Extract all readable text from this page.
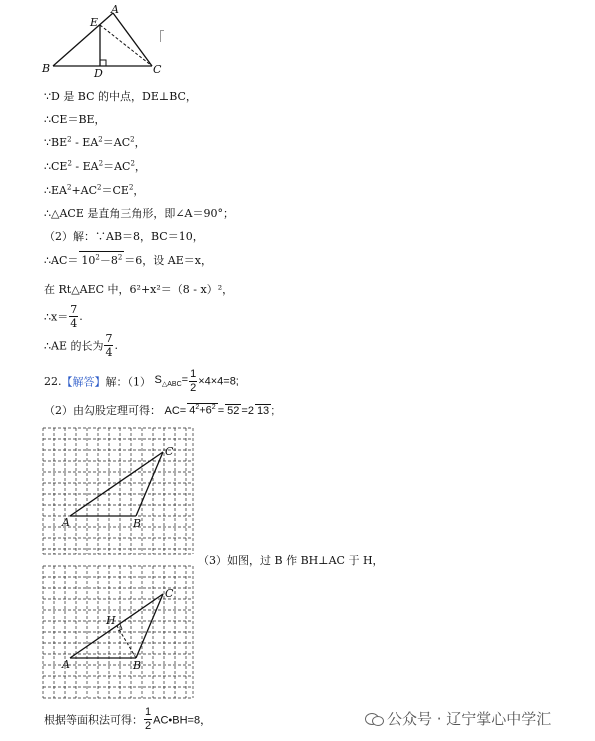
A
B	C
D
E
∵D 是 BC 的中点，DE⊥BC，
∴CE＝BE，
$\because BE^2 - EA^2=AC^2$，
$\therefore CE^2 - EA^2=AC^2$，
$\therefore EA^2+AC^2=CE^2$，
∴△ACE 是直角三角形，即∠A＝90°；
（2）解：∵AB＝8，BC＝10，
∴AC＝ $10^2-8^2 =6$，设 AE＝x，
在 Rt△AEC 中，6²+x²＝（8 - x）²，
∴x＝ $\frac{7}{4}$ .
∴AE 的长为 $\frac{7}{4}$ .
22.【解答】解：（1） $S_{\triangle ABC}= \frac{1}{2} \times 4\times 4=8$;
（2）由勾股定理可得： $AC= 4^2+6^2 = 52 =2$ 13 ;
A	B
C
（3）如图，过 B 作 BH⊥AC 于 H，
A	B
C
H
根据等面积法可得： $\frac{1}{2}$ AC•BH=8，	公众号 · 辽宁掌心中学汇
